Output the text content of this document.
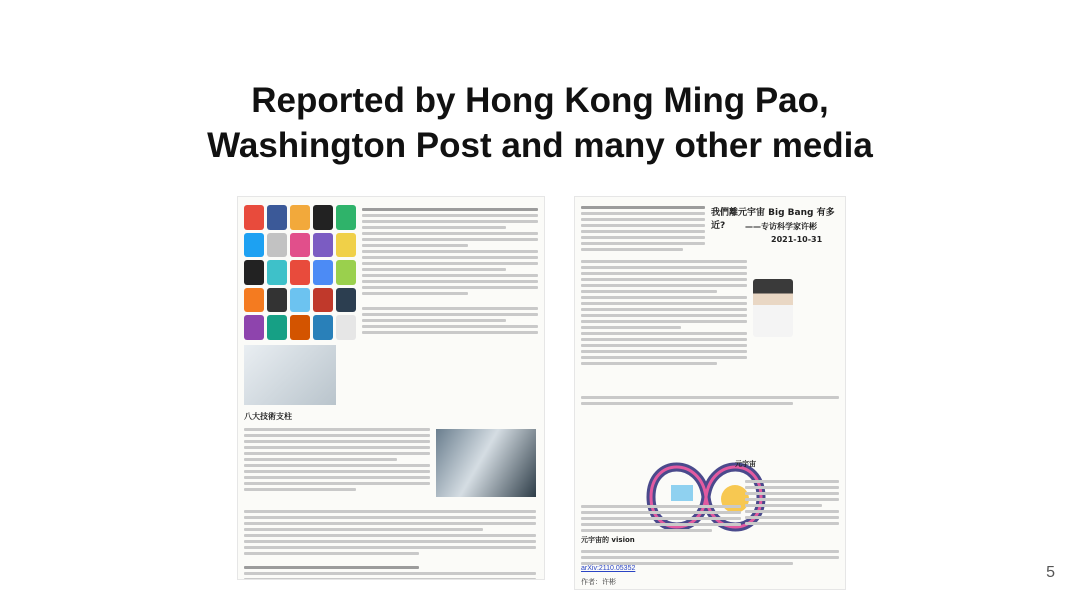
Reported by Hong Kong Ming Pao,
Washington Post and many other media
八大技術支柱
我們離元宇宙 Big Bang 有多近?	——专访科学家许彬
2021-10-31
元宇宙
元宇宙的 vision
arXiv:2110.05352
作者：许彬
5
